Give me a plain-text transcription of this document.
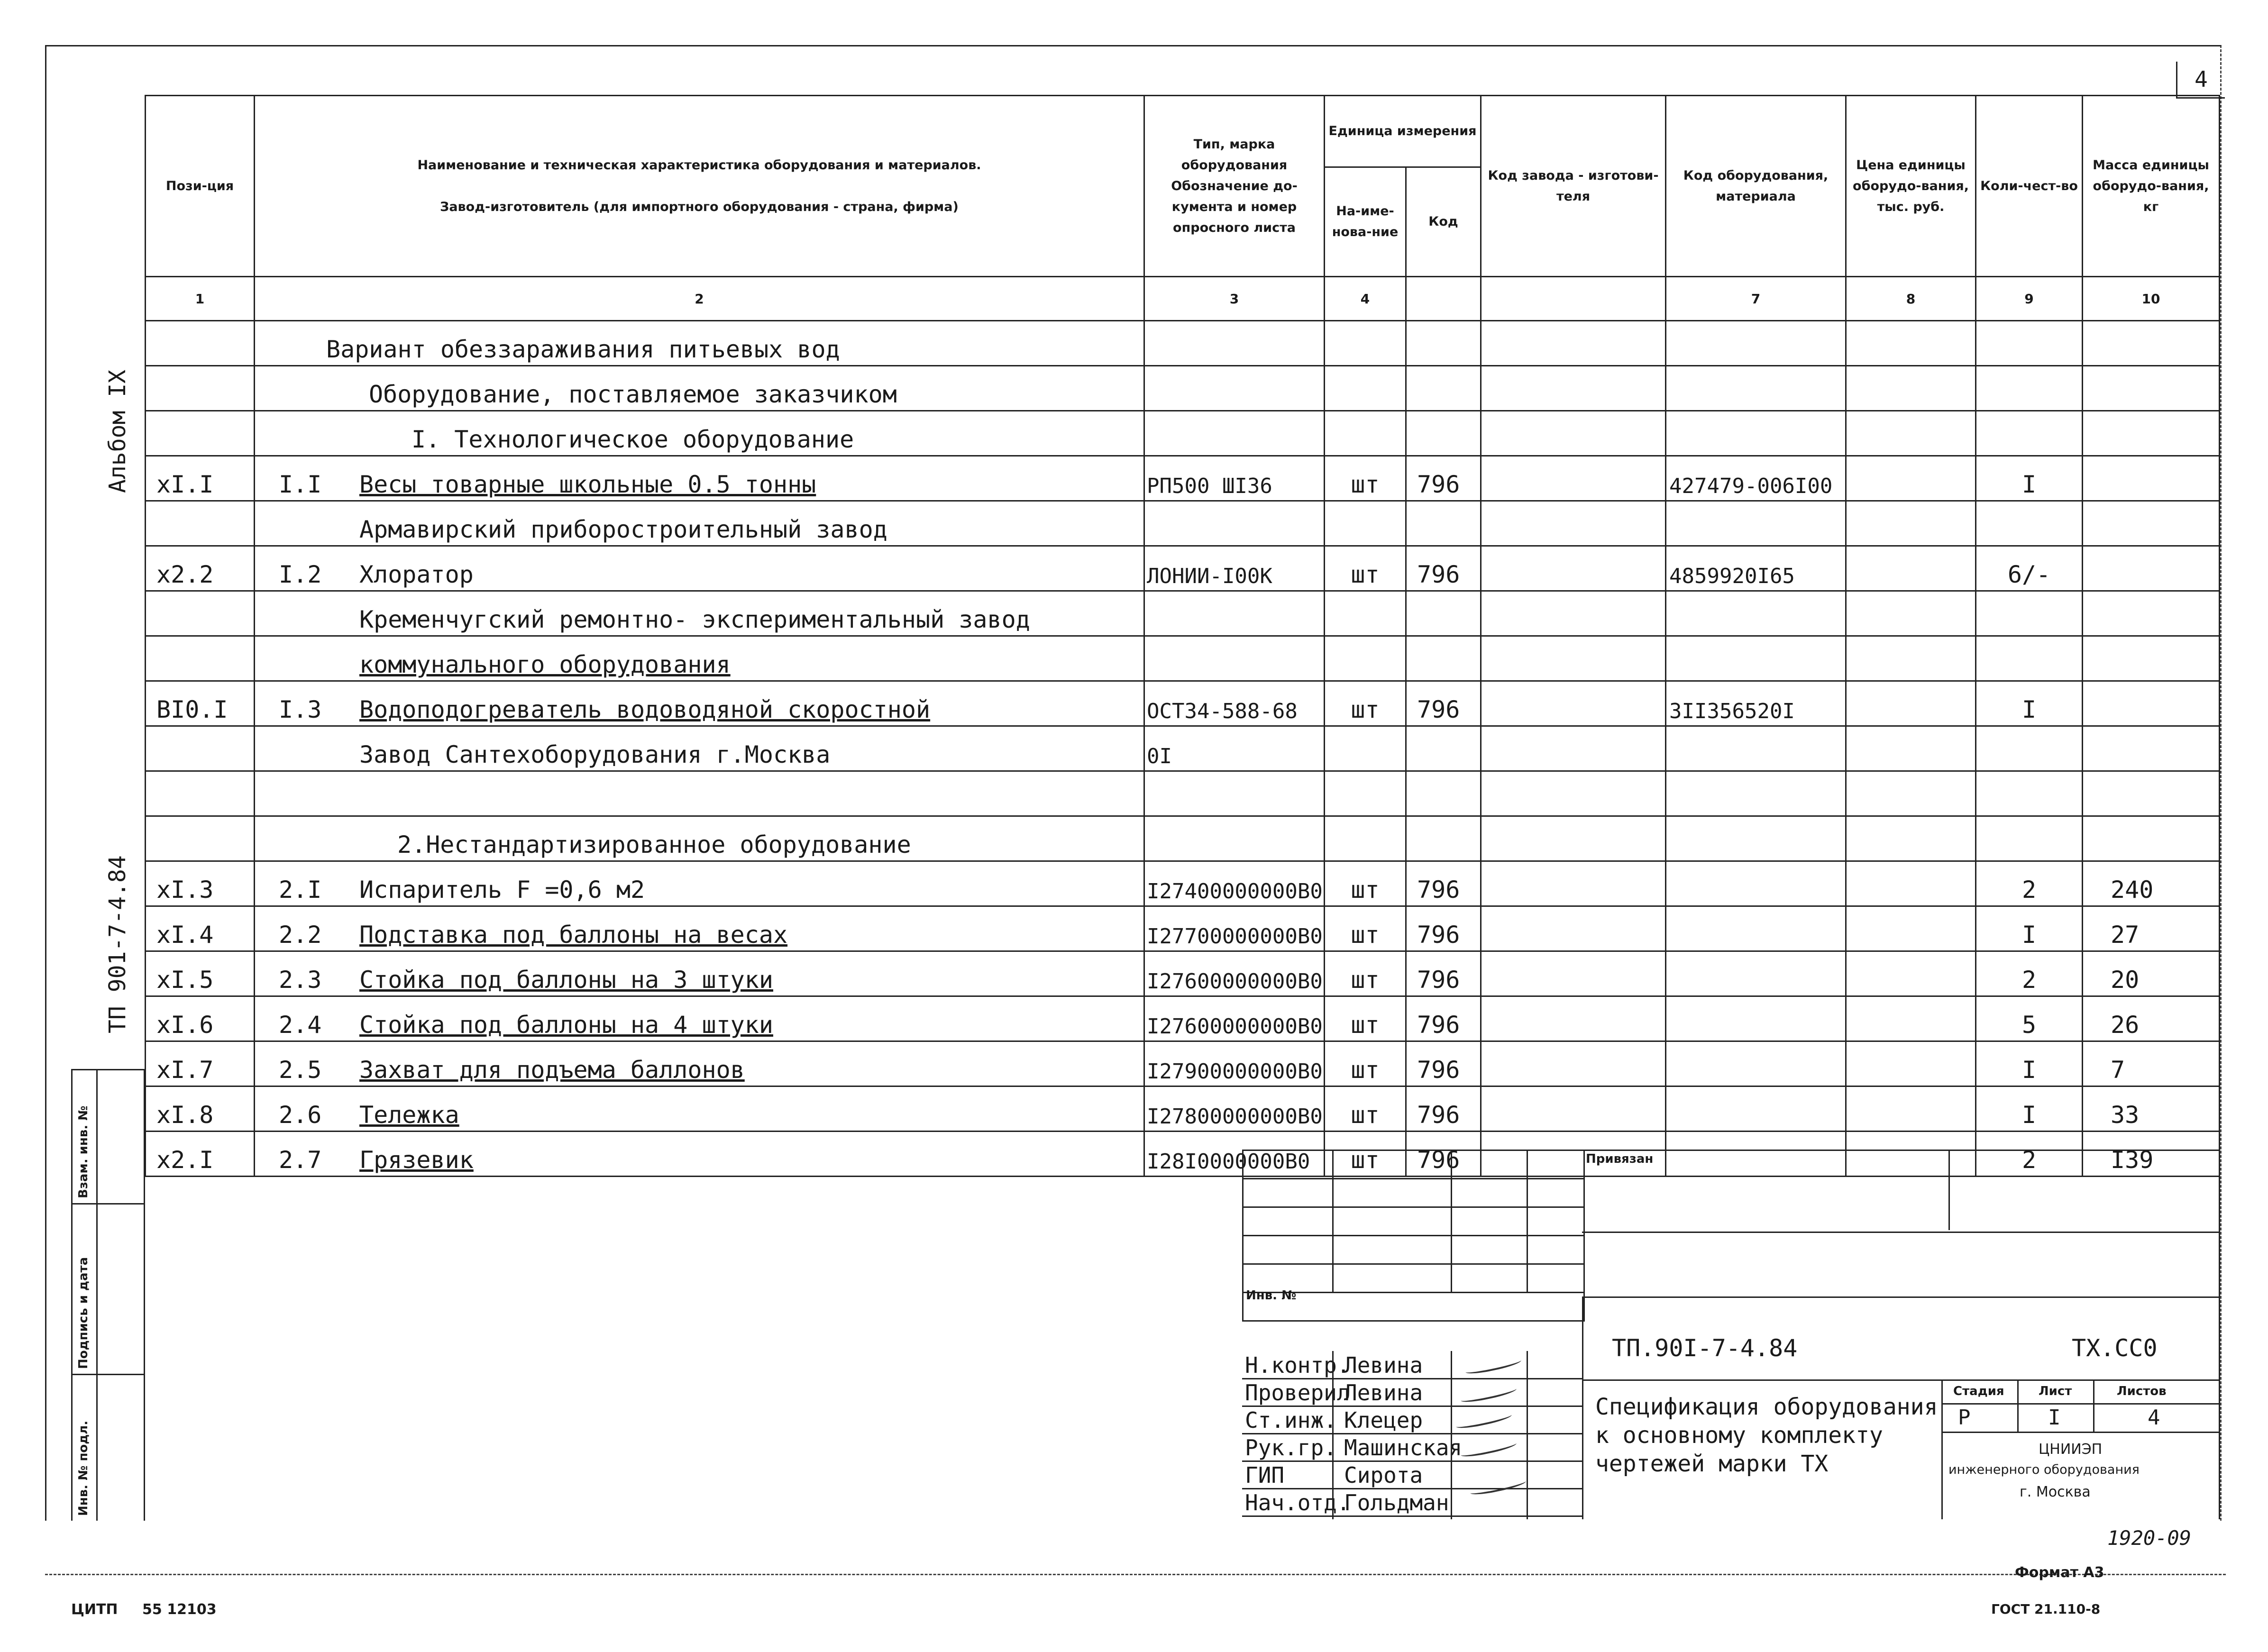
4
Альбом IX
ТП 901-7-4.84
Пози-ция	Наименование и техническая характеристика оборудования и материалов.
Завод-изготовитель (для импортного оборудования - страна, фирма)	Тип, марка оборудования Обозначение до-кумента и номер опросного листа	Единица измерения		Код завода - изготови-теля	Код оборудования, материала	Цена единицы оборудо-вания, тыс. руб.	Коли-чест-во	Масса единицы оборудо-вания, кг
			На-име-нова-ние	Код					
1	2	3	4			7	8	9	10
	Вариант обеззараживания питьевых вод								
	Оборудование, поставляемое заказчиком								
	I. Технологическое оборудование								
xI.I	I.I Весы товарные школьные 0.5 тонны	РП500 ШI36	шт	796		427479-006I00		I	
	Армавирский приборостроительный завод								
x2.2	I.2 Хлоратор	ЛОНИИ-I00К	шт	796		4859920I65		6/-	
	Кременчугский ремонтно- экспериментальный завод								
	коммунального оборудования								
BI0.I	I.3 Водоподогреватель водоводяной скоростной	ОСТ34-588-68	шт	796		3II356520I		I	
	Завод Сантехоборудования г.Москва	0I							

	2.Нестандартизированное оборудование								
xI.3	2.I Испаритель F =0,6 м2	I27400000000В0	шт	796				2	240
xI.4	2.2 Подставка под баллоны на весах	I27700000000В0	шт	796				I	27
xI.5	2.3 Стойка под баллоны на 3 штуки	I27600000000В0	шт	796				2	20
xI.6	2.4 Стойка под баллоны на 4 штуки	I27600000000В0	шт	796				5	26
xI.7	2.5 Захват для подъема баллонов	I27900000000В0	шт	796				I	7
xI.8	2.6 Тележка	I27800000000В0	шт	796				I	33
x2.I	2.7 Грязевик	I28I0000000В0	шт	796				2	I39
Взам. инв. №
Подпись и дата
Инв. № подл.

Инв. №
Привязан
ТП.90I-7-4.84	ТХ.СС0
Спецификация оборудования
к основному комплекту
чертежей марки ТХ
Стадия	Лист	Листов
Р	I	4
ЦНИИЭП
инженерного оборудования
г. Москва
Н.контр.
Левина
Проверил
Левина
Ст.инж. Клецер
Рук.гр. Машинская
ГИП	Сирота
Нач.отд.
Гольдман
1920-09
Формат А3
ГОСТ 21.110-8
ЦИТП 55 12103
